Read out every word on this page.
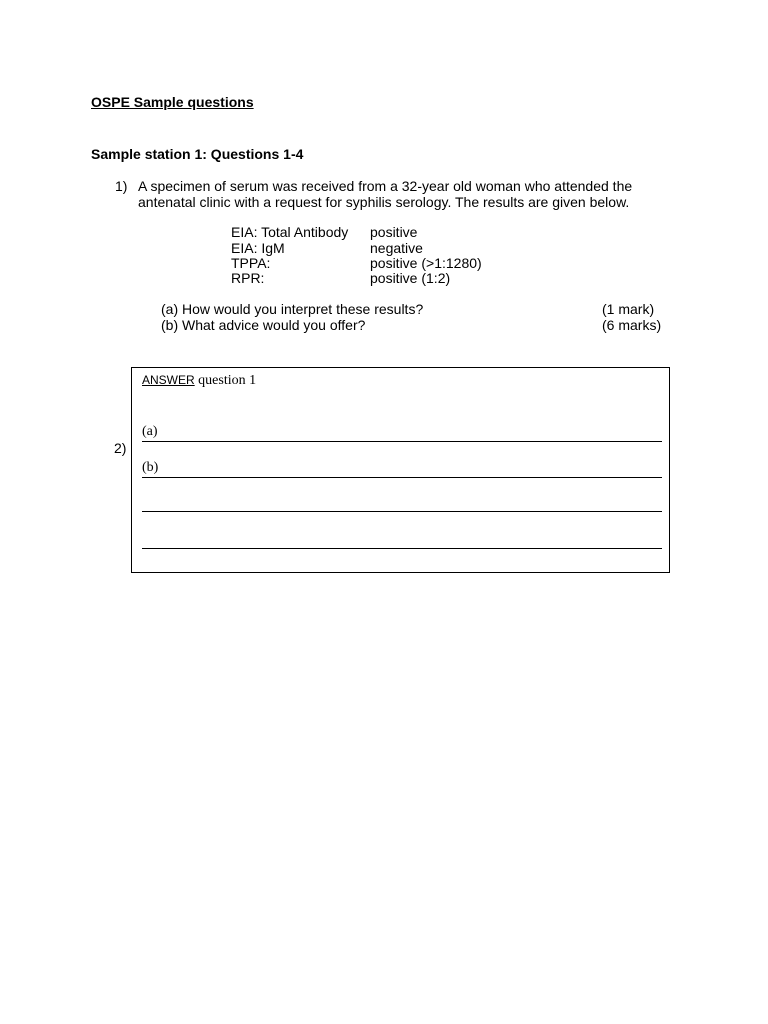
OSPE Sample questions
Sample station 1: Questions 1-4
1) A specimen of serum was received from a 32-year old woman who attended the
antenatal clinic with a request for syphilis serology. The results are given below.
EIA: Total Antibody positive
EIA: IgM	negative
TPPA:	positive (>1:1280)
RPR:	positive (1:2)
(a) How would you interpret these results?	(1 mark)
(b) What advice would you offer?	(6 marks)
2)
ANSWER question 1
(a)
(b)
